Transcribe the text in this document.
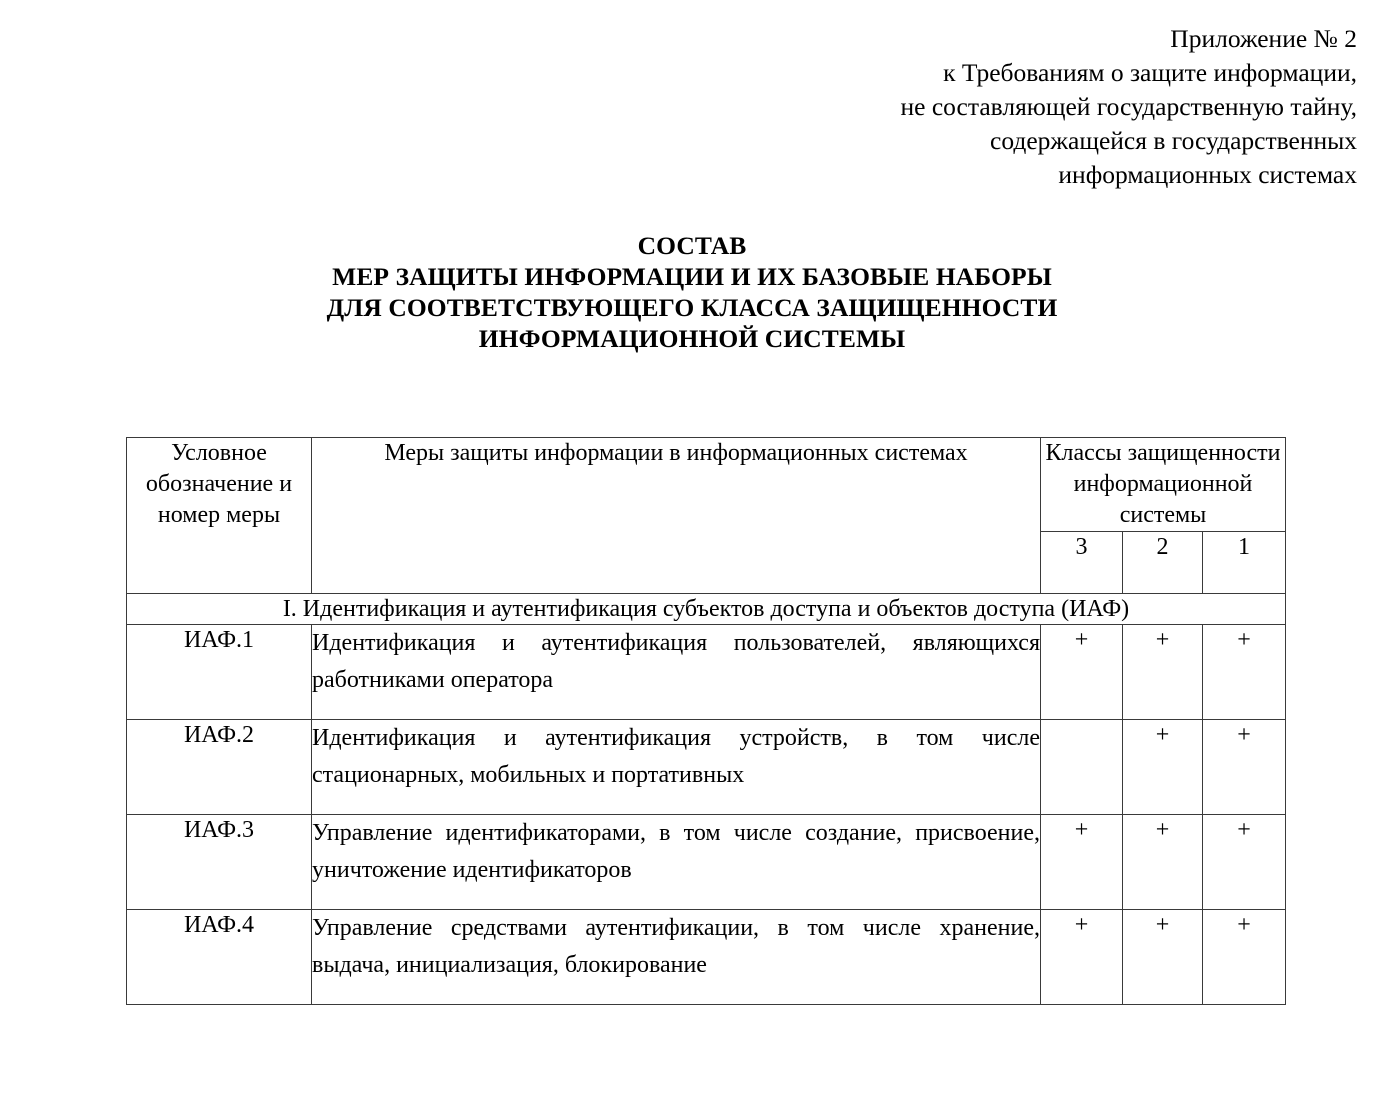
Приложение № 2
к Требованиям о защите информации,
не составляющей государственную тайну,
содержащейся в государственных
информационных системах
СОСТАВ
МЕР ЗАЩИТЫ ИНФОРМАЦИИ И ИХ БАЗОВЫЕ НАБОРЫ
ДЛЯ СООТВЕТСТВУЮЩЕГО КЛАССА ЗАЩИЩЕННОСТИ
ИНФОРМАЦИОННОЙ СИСТЕМЫ
Условное обозначение и номер меры	Меры защиты информации в информационных системах	Классы защищенности информационной системы		
		3	2	1
I. Идентификация и аутентификация субъектов доступа и объектов доступа (ИАФ)				
ИАФ.1	Идентификация и аутентификация пользователей, являющихся работниками оператора	+	+	+
ИАФ.2	Идентификация и аутентификация устройств, в том числе стационарных, мобильных и портативных		+	+
ИАФ.3	Управление идентификаторами, в том числе создание, присвоение, уничтожение идентификаторов	+	+	+
ИАФ.4	Управление средствами аутентификации, в том числе хранение, выдача, инициализация, блокирование	+	+	+
